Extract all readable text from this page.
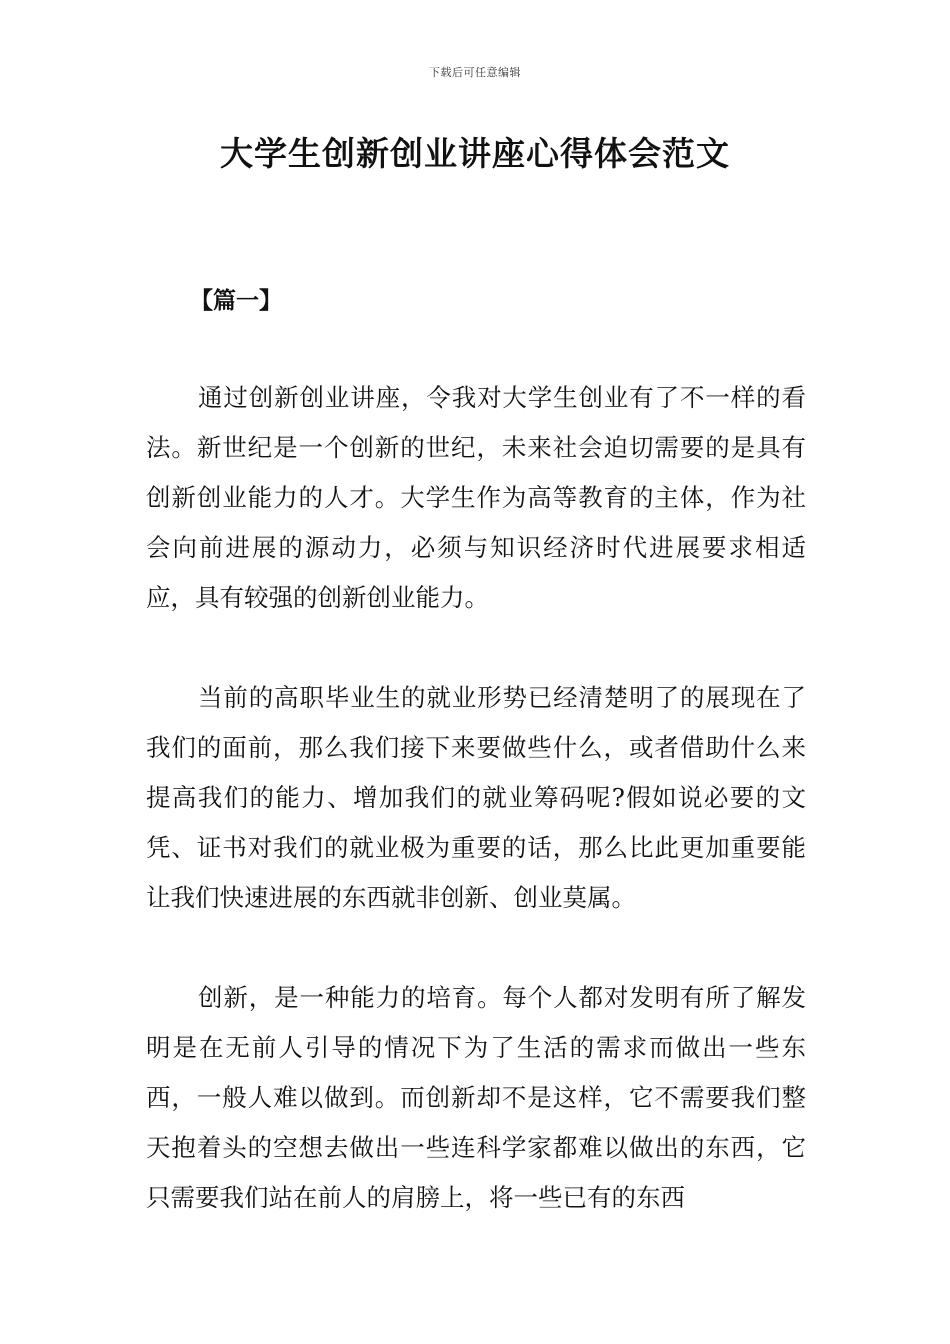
下载后可任意编辑
大学生创新创业讲座心得体会范文
【篇一】

通过创新创业讲座，令我对大学生创业有了不一样的看法。新世纪是一个创新的世纪，未来社会迫切需要的是具有创新创业能力的人才。大学生作为高等教育的主体，作为社会向前进展的源动力，必须与知识经济时代进展要求相适应，具有较强的创新创业能力。

当前的高职毕业生的就业形势已经清楚明了的展现在了我们的面前，那么我们接下来要做些什么，或者借助什么来提高我们的能力、增加我们的就业筹码呢?假如说必要的文凭、证书对我们的就业极为重要的话，那么比此更加重要能让我们快速进展的东西就非创新、创业莫属。

创新，是一种能力的培育。每个人都对发明有所了解发明是在无前人引导的情况下为了生活的需求而做出一些东西，一般人难以做到。而创新却不是这样，它不需要我们整天抱着头的空想去做出一些连科学家都难以做出的东西，它只需要我们站在前人的肩膀上，将一些已有的东西
